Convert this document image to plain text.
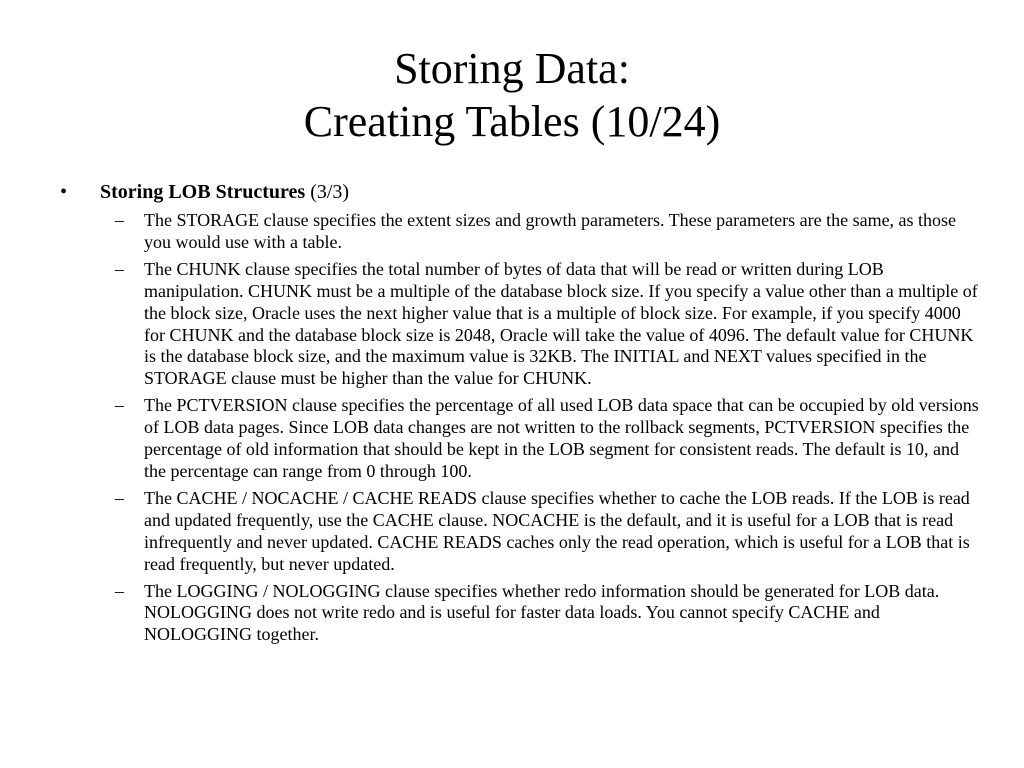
Storing Data:
Creating Tables (10/24)
• Storing LOB Structures (3/3)
– The STORAGE clause specifies the extent sizes and growth parameters. These parameters are the same, as those you would use with a table.
– The CHUNK clause specifies the total number of bytes of data that will be read or written during LOB manipulation. CHUNK must be a multiple of the database block size. If you specify a value other than a multiple of the block size, Oracle uses the next higher value that is a multiple of block size. For example, if you specify 4000 for CHUNK and the database block size is 2048, Oracle will take the value of 4096. The default value for CHUNK is the database block size, and the maximum value is 32KB. The INITIAL and NEXT values specified in the STORAGE clause must be higher than the value for CHUNK.
– The PCTVERSION clause specifies the percentage of all used LOB data space that can be occupied by old versions of LOB data pages. Since LOB data changes are not written to the rollback segments, PCTVERSION specifies the percentage of old information that should be kept in the LOB segment for consistent reads. The default is 10, and the percentage can range from 0 through 100.
– The CACHE / NOCACHE / CACHE READS clause specifies whether to cache the LOB reads. If the LOB is read and updated frequently, use the CACHE clause. NOCACHE is the default, and it is useful for a LOB that is read infrequently and never updated. CACHE READS caches only the read operation, which is useful for a LOB that is read frequently, but never updated.
– The LOGGING / NOLOGGING clause specifies whether redo information should be generated for LOB data. NOLOGGING does not write redo and is useful for faster data loads. You cannot specify CACHE and NOLOGGING together.
